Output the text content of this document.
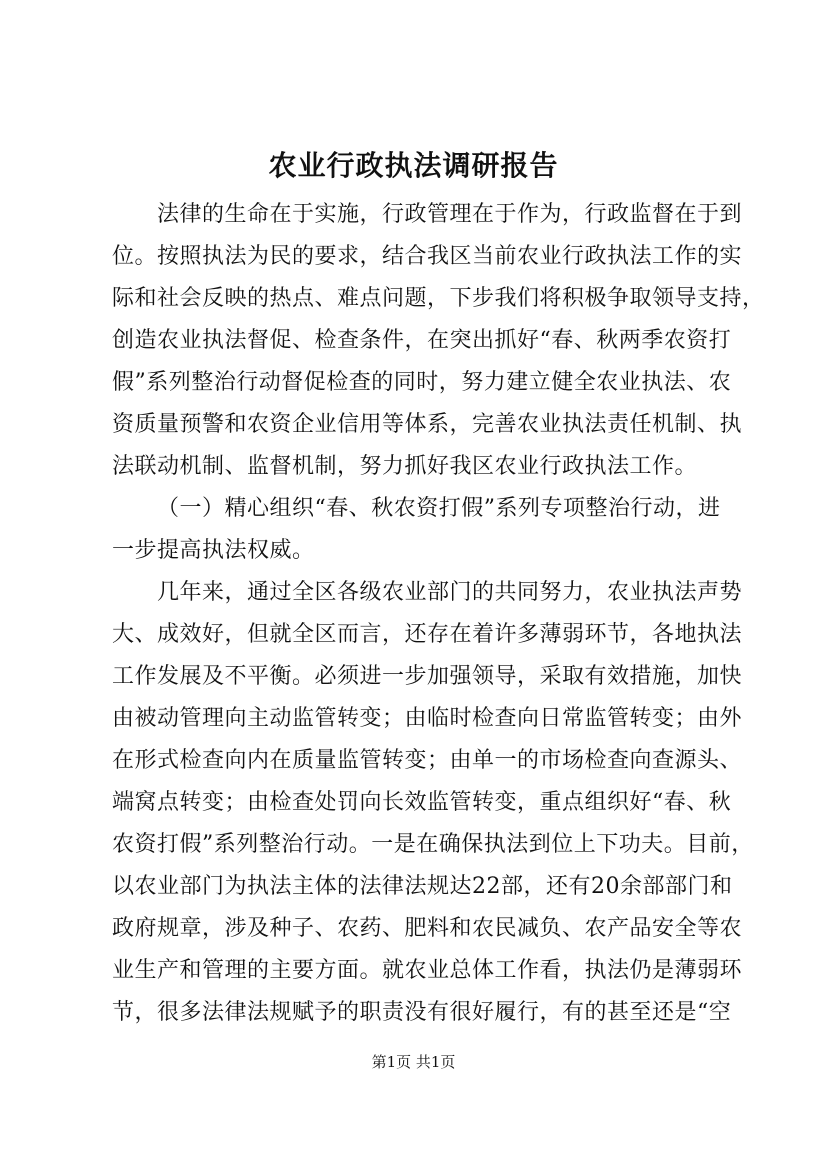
农业行政执法调研报告
法律的生命在于实施，行政管理在于作为，行政监督在于到
位。按照执法为民的要求，结合我区当前农业行政执法工作的实
际和社会反映的热点、难点问题，下步我们将积极争取领导支持，
创造农业执法督促、检查条件，在突出抓好“春、秋两季农资打
假”系列整治行动督促检查的同时，努力建立健全农业执法、农
资质量预警和农资企业信用等体系，完善农业执法责任机制、执
法联动机制、监督机制，努力抓好我区农业行政执法工作。
（一）精心组织“春、秋农资打假”系列专项整治行动，进
一步提高执法权威。
几年来，通过全区各级农业部门的共同努力，农业执法声势
大、成效好，但就全区而言，还存在着许多薄弱环节，各地执法
工作发展及不平衡。必须进一步加强领导，采取有效措施，加快
由被动管理向主动监管转变；由临时检查向日常监管转变；由外
在形式检查向内在质量监管转变；由单一的市场检查向查源头、
端窝点转变；由检查处罚向长效监管转变，重点组织好“春、秋
农资打假”系列整治行动。一是在确保执法到位上下功夫。目前，
以农业部门为执法主体的法律法规达22部，还有20余部部门和
政府规章，涉及种子、农药、肥料和农民减负、农产品安全等农
业生产和管理的主要方面。就农业总体工作看，执法仍是薄弱环
节，很多法律法规赋予的职责没有很好履行，有的甚至还是“空
第1页 共1页
